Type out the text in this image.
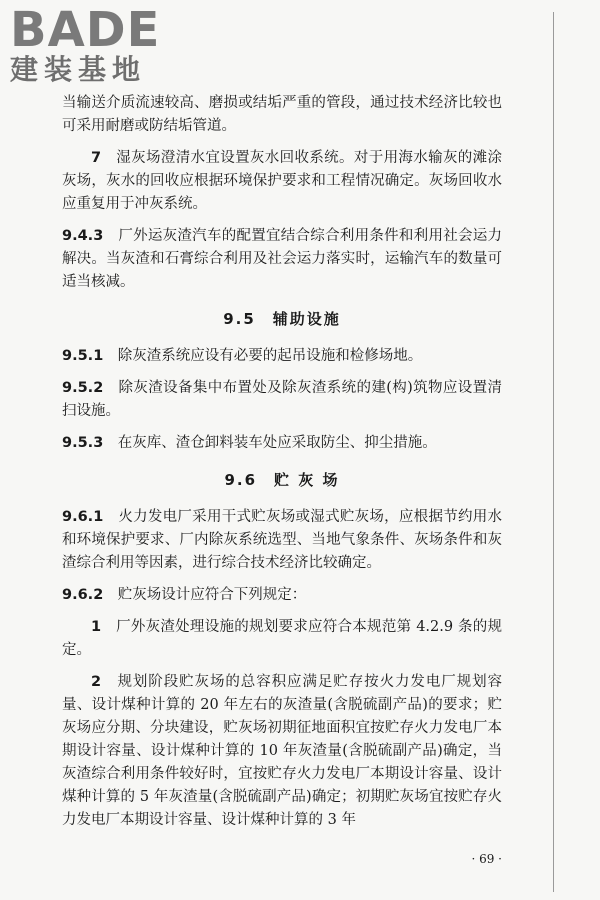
BADE
建装基地

当输送介质流速较高、磨损或结垢严重的管段，通过技术经济比较也可采用耐磨或防结垢管道。

7　 湿灰场澄清水宜设置灰水回收系统。对于用海水输灰的滩涂灰场，灰水的回收应根据环境保护要求和工程情况确定。灰场回收水应重复用于冲灰系统。

9.4.3　 厂外运灰渣汽车的配置宜结合综合利用条件和利用社会运力解决。当灰渣和石膏综合利用及社会运力落实时，运输汽车的数量可适当核减。

9.5　辅助设施

9.5.1　 除灰渣系统应设有必要的起吊设施和检修场地。

9.5.2　 除灰渣设备集中布置处及除灰渣系统的建(构)筑物应设置清扫设施。

9.5.3　 在灰库、渣仓卸料装车处应采取防尘、抑尘措施。

9.6　贮 灰 场

9.6.1　 火力发电厂采用干式贮灰场或湿式贮灰场，应根据节约用水和环境保护要求、厂内除灰系统选型、当地气象条件、灰场条件和灰渣综合利用等因素，进行综合技术经济比较确定。

9.6.2　 贮灰场设计应符合下列规定：

1　 厂外灰渣处理设施的规划要求应符合本规范第 4.2.9 条的规定。

2　 规划阶段贮灰场的总容积应满足贮存按火力发电厂规划容量、设计煤种计算的 20 年左右的灰渣量(含脱硫副产品)的要求；贮灰场应分期、分块建设，贮灰场初期征地面积宜按贮存火力发电厂本期设计容量、设计煤种计算的 10 年灰渣量(含脱硫副产品)确定，当灰渣综合利用条件较好时，宜按贮存火力发电厂本期设计容量、设计煤种计算的 5 年灰渣量(含脱硫副产品)确定；初期贮灰场宜按贮存火力发电厂本期设计容量、设计煤种计算的 3 年

· 69 ·
